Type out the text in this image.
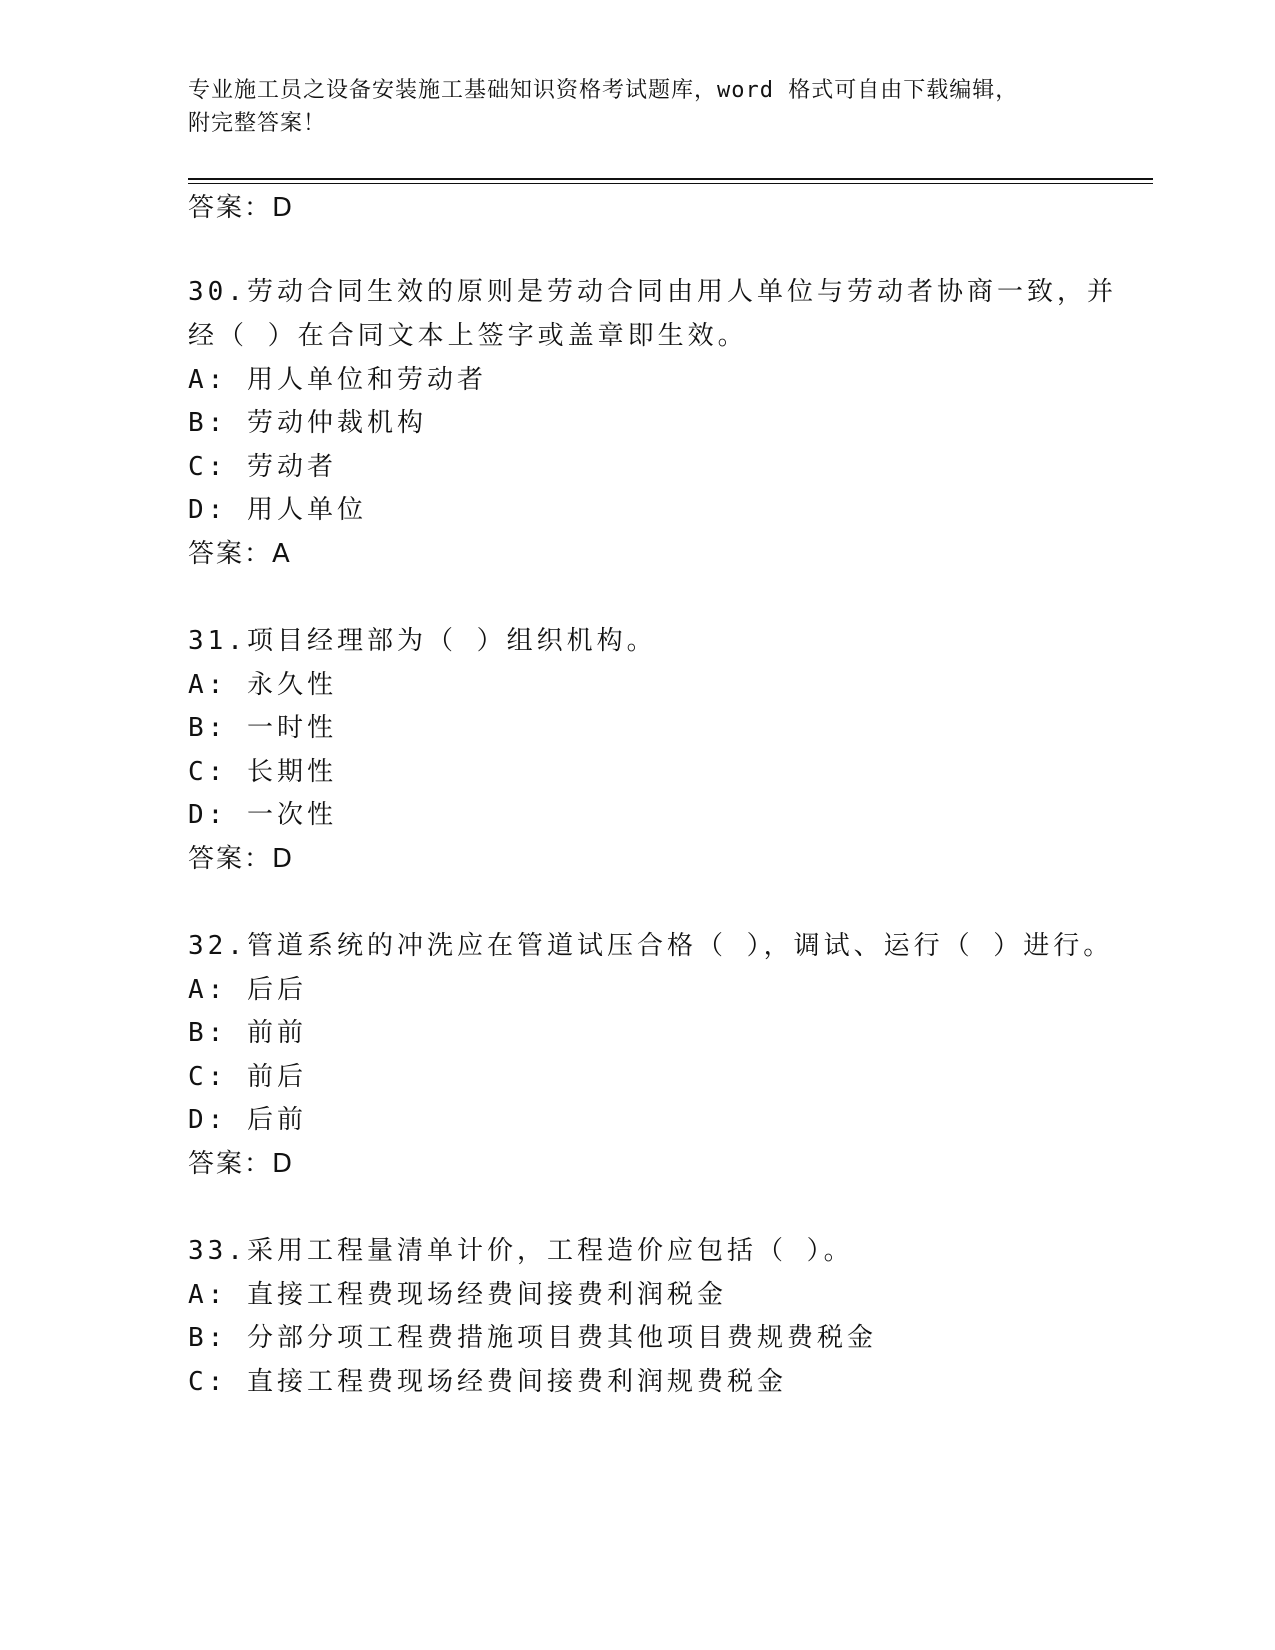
专业施工员之设备安装施工基础知识资格考试题库，word 格式可自由下载编辑，
附完整答案！
答案：D
30.劳动合同生效的原则是劳动合同由用人单位与劳动者协商一致，并
经（ ）在合同文本上签字或盖章即生效。
A: 用人单位和劳动者
B: 劳动仲裁机构
C: 劳动者
D: 用人单位
答案：A
31.项目经理部为（ ）组织机构。
A: 永久性
B: 一时性
C: 长期性
D: 一次性
答案：D
32.管道系统的冲洗应在管道试压合格（ ），调试、运行（ ）进行。
A: 后后
B: 前前
C: 前后
D: 后前
答案：D
33.采用工程量清单计价，工程造价应包括（ ）。
A: 直接工程费现场经费间接费利润税金
B: 分部分项工程费措施项目费其他项目费规费税金
C: 直接工程费现场经费间接费利润规费税金
